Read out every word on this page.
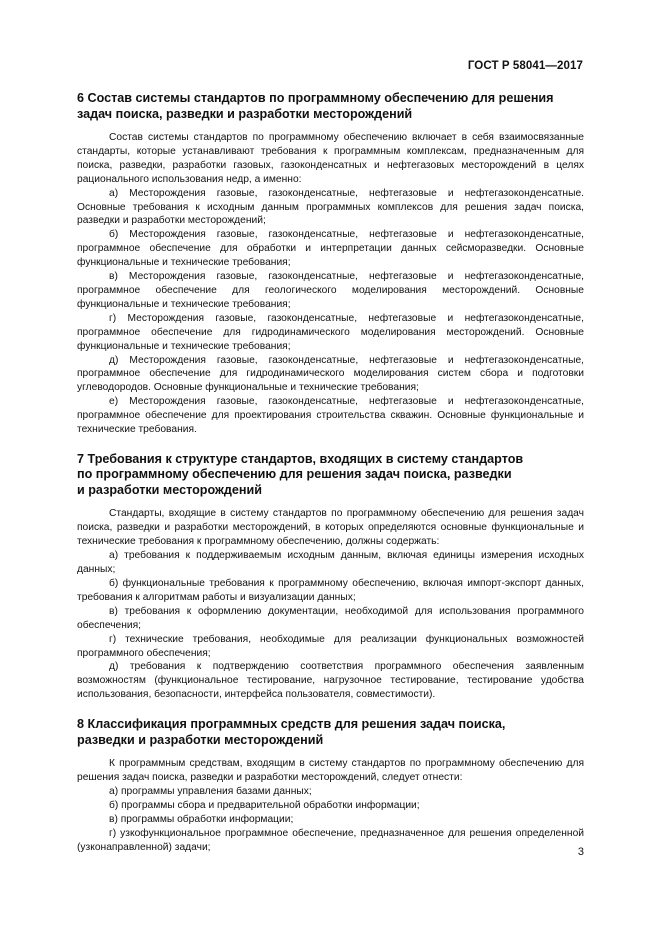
ГОСТ Р 58041—2017
6 Состав системы стандартов по программному обеспечению для решения
задач поиска, разведки и разработки месторождений

Состав системы стандартов по программному обеспечению включает в себя взаимосвязанные стандарты, которые устанавливают требования к программным комплексам, предназначенным для поиска, разведки, разработки газовых, газоконденсатных и нефтегазовых месторождений в целях рационального использования недр, а именно:

а) Месторождения газовые, газоконденсатные, нефтегазовые и нефтегазоконденсатные. Основные требования к исходным данным программных комплексов для решения задач поиска, разведки и разработки месторождений;

б) Месторождения газовые, газоконденсатные, нефтегазовые и нефтегазоконденсатные, программное обеспечение для обработки и интерпретации данных сейсморазведки. Основные функциональные и технические требования;

в) Месторождения газовые, газоконденсатные, нефтегазовые и нефтегазоконденсатные, программное обеспечение для геологического моделирования месторождений. Основные функциональные и технические требования;

г) Месторождения газовые, газоконденсатные, нефтегазовые и нефтегазоконденсатные, программное обеспечение для гидродинамического моделирования месторождений. Основные функциональные и технические требования;

д) Месторождения газовые, газоконденсатные, нефтегазовые и нефтегазоконденсатные, программное обеспечение для гидродинамического моделирования систем сбора и подготовки углеводородов. Основные функциональные и технические требования;

е) Месторождения газовые, газоконденсатные, нефтегазовые и нефтегазоконденсатные, программное обеспечение для проектирования строительства скважин. Основные функциональные и технические требования.

7 Требования к структуре стандартов, входящих в систему стандартов
по программному обеспечению для решения задач поиска, разведки
и разработки месторождений

Стандарты, входящие в систему стандартов по программному обеспечению для решения задач поиска, разведки и разработки месторождений, в которых определяются основные функциональные и технические требования к программному обеспечению, должны содержать:

а) требования к поддерживаемым исходным данным, включая единицы измерения исходных данных;

б) функциональные требования к программному обеспечению, включая импорт-экспорт данных, требования к алгоритмам работы и визуализации данных;

в) требования к оформлению документации, необходимой для использования программного обеспечения;

г) технические требования, необходимые для реализации функциональных возможностей программного обеспечения;

д) требования к подтверждению соответствия программного обеспечения заявленным возможностям (функциональное тестирование, нагрузочное тестирование, тестирование удобства использования, безопасности, интерфейса пользователя, совместимости).

8 Классификация программных средств для решения задач поиска,
разведки и разработки месторождений

К программным средствам, входящим в систему стандартов по программному обеспечению для решения задач поиска, разведки и разработки месторождений, следует отнести:

а) программы управления базами данных;

б) программы сбора и предварительной обработки информации;

в) программы обработки информации;

г) узкофункциональное программное обеспечение, предназначенное для решения определенной (узконаправленной) задачи;	3
